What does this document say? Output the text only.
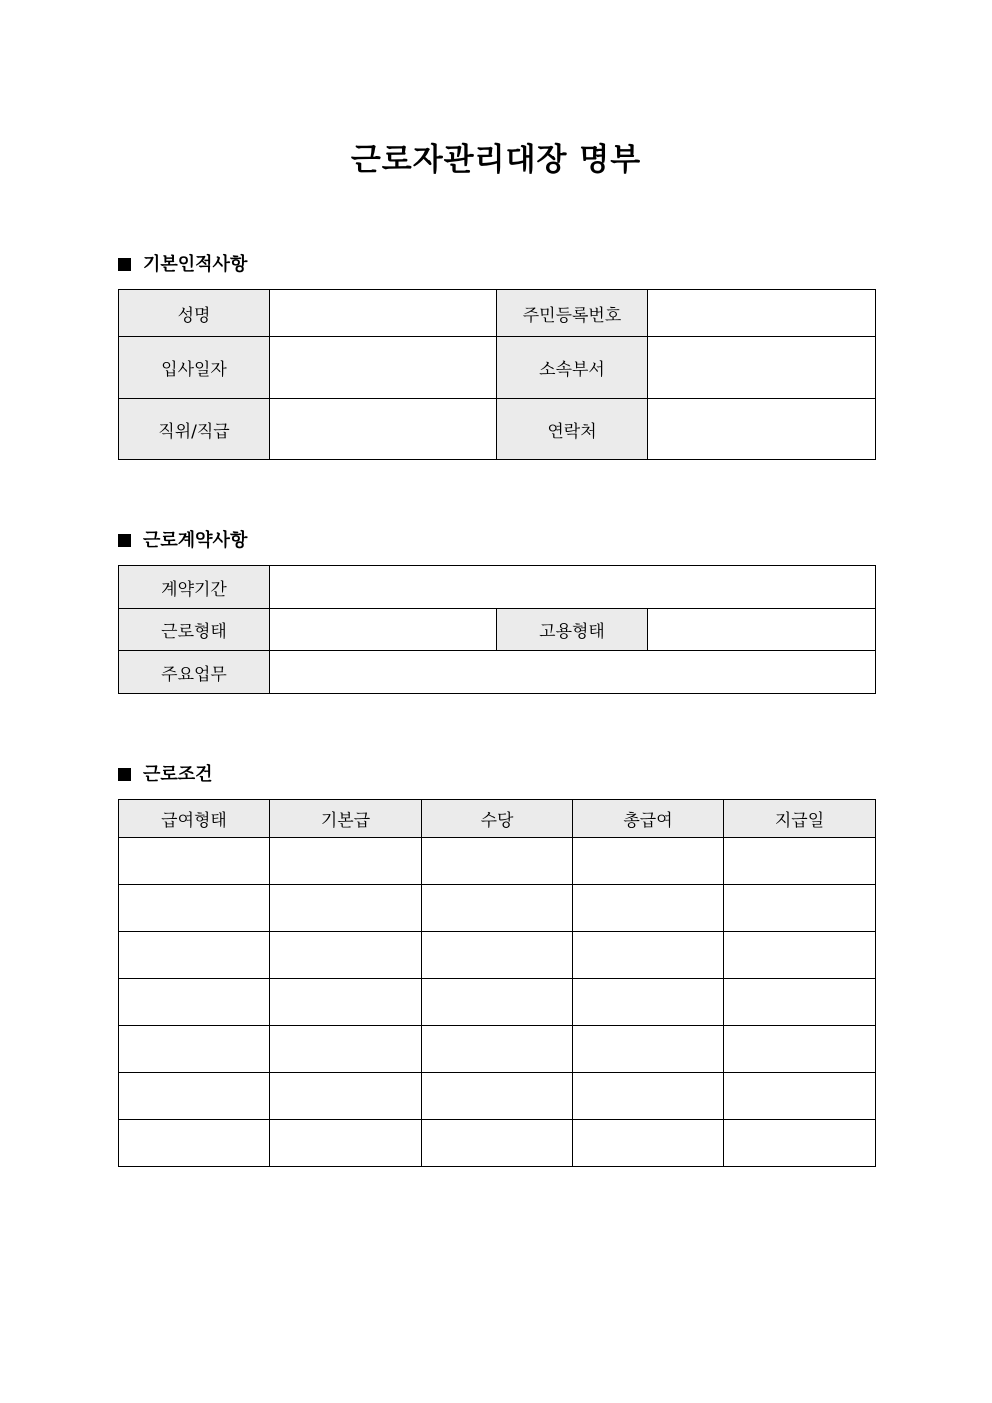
근로자관리대장 명부
기본인적사항
성명		주민등록번호	
입사일자		소속부서	
직위/직급		연락처	
근로계약사항
계약기간			
근로형태		고용형태	
주요업무			
근로조건
급여형태	기본급	수당	총급여	지급일
